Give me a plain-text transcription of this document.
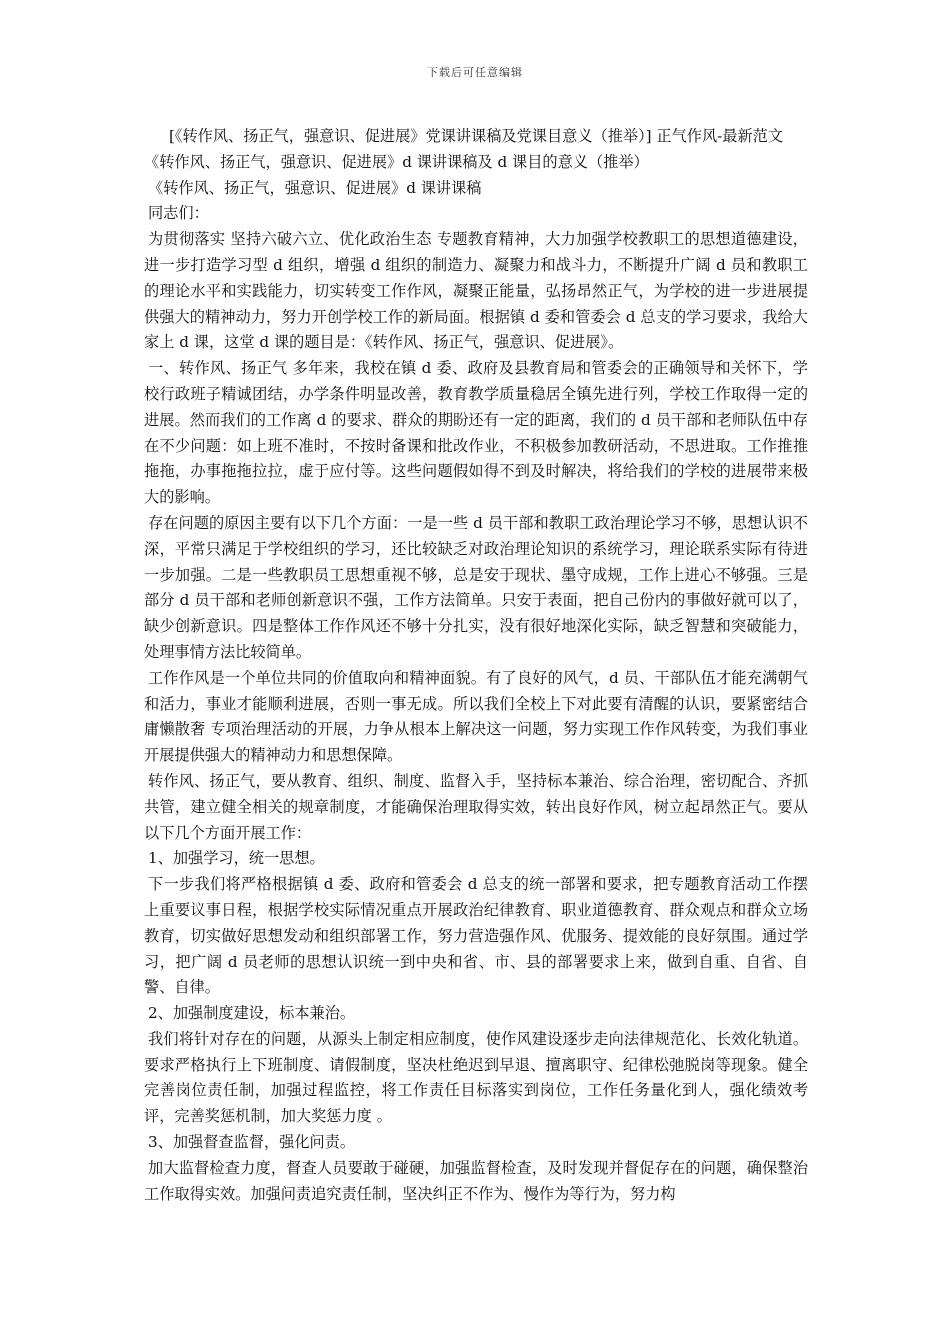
下载后可任意编辑

[《转作风、扬正气，强意识、促进展》党课讲课稿及党课目意义（推举）] 正气作风-最新范文

《转作风、扬正气，强意识、促进展》d 课讲课稿及 d 课目的意义（推举）

《转作风、扬正气，强意识、促进展》d 课讲课稿

同志们：

为贯彻落实 坚持六破六立、优化政治生态 专题教育精神，大力加强学校教职工的思想道德建设，进一步打造学习型 d 组织，增强 d 组织的制造力、凝聚力和战斗力，不断提升广阔 d 员和教职工的理论水平和实践能力，切实转变工作作风，凝聚正能量，弘扬昂然正气，为学校的进一步进展提供强大的精神动力，努力开创学校工作的新局面。根据镇 d 委和管委会 d 总支的学习要求，我给大家上 d 课，这堂 d 课的题目是：《转作风、扬正气，强意识、促进展》。

一、转作风、扬正气 多年来，我校在镇 d 委、政府及县教育局和管委会的正确领导和关怀下，学校行政班子精诚团结，办学条件明显改善，教育教学质量稳居全镇先进行列，学校工作取得一定的进展。然而我们的工作离 d 的要求、群众的期盼还有一定的距离，我们的 d 员干部和老师队伍中存在不少问题：如上班不准时，不按时备课和批改作业，不积极参加教研活动，不思进取。工作推推拖拖，办事拖拖拉拉，虚于应付等。这些问题假如得不到及时解决，将给我们的学校的进展带来极大的影响。

存在问题的原因主要有以下几个方面：一是一些 d 员干部和教职工政治理论学习不够，思想认识不深，平常只满足于学校组织的学习，还比较缺乏对政治理论知识的系统学习，理论联系实际有待进一步加强。二是一些教职员工思想重视不够，总是安于现状、墨守成规，工作上进心不够强。三是部分 d 员干部和老师创新意识不强，工作方法简单。只安于表面，把自己份内的事做好就可以了，缺少创新意识。四是整体工作作风还不够十分扎实，没有很好地深化实际，缺乏智慧和突破能力，处理事情方法比较简单。

工作作风是一个单位共同的价值取向和精神面貌。有了良好的风气，d 员、干部队伍才能充满朝气和活力，事业才能顺利进展，否则一事无成。所以我们全校上下对此要有清醒的认识，要紧密结合 庸懒散奢 专项治理活动的开展，力争从根本上解决这一问题，努力实现工作作风转变，为我们事业开展提供强大的精神动力和思想保障。

转作风、扬正气，要从教育、组织、制度、监督入手，坚持标本兼治、综合治理，密切配合、齐抓共管，建立健全相关的规章制度，才能确保治理取得实效，转出良好作风，树立起昂然正气。要从以下几个方面开展工作：

1、加强学习，统一思想。

下一步我们将严格根据镇 d 委、政府和管委会 d 总支的统一部署和要求，把专题教育活动工作摆上重要议事日程，根据学校实际情况重点开展政治纪律教育、职业道德教育、群众观点和群众立场教育，切实做好思想发动和组织部署工作，努力营造强作风、优服务、提效能的良好氛围。通过学习，把广阔 d 员老师的思想认识统一到中央和省、市、县的部署要求上来，做到自重、自省、自警、自律。

2、加强制度建设，标本兼治。

我们将针对存在的问题，从源头上制定相应制度，使作风建设逐步走向法律规范化、长效化轨道。要求严格执行上下班制度、请假制度，坚决杜绝迟到早退、擅离职守、纪律松弛脱岗等现象。健全完善岗位责任制，加强过程监控，将工作责任目标落实到岗位，工作任务量化到人，强化绩效考评，完善奖惩机制，加大奖惩力度 。

3、加强督查监督，强化问责。

加大监督检查力度，督查人员要敢于碰硬，加强监督检查，及时发现并督促存在的问题，确保整治工作取得实效。加强问责追究责任制，坚决纠正不作为、慢作为等行为，努力构
